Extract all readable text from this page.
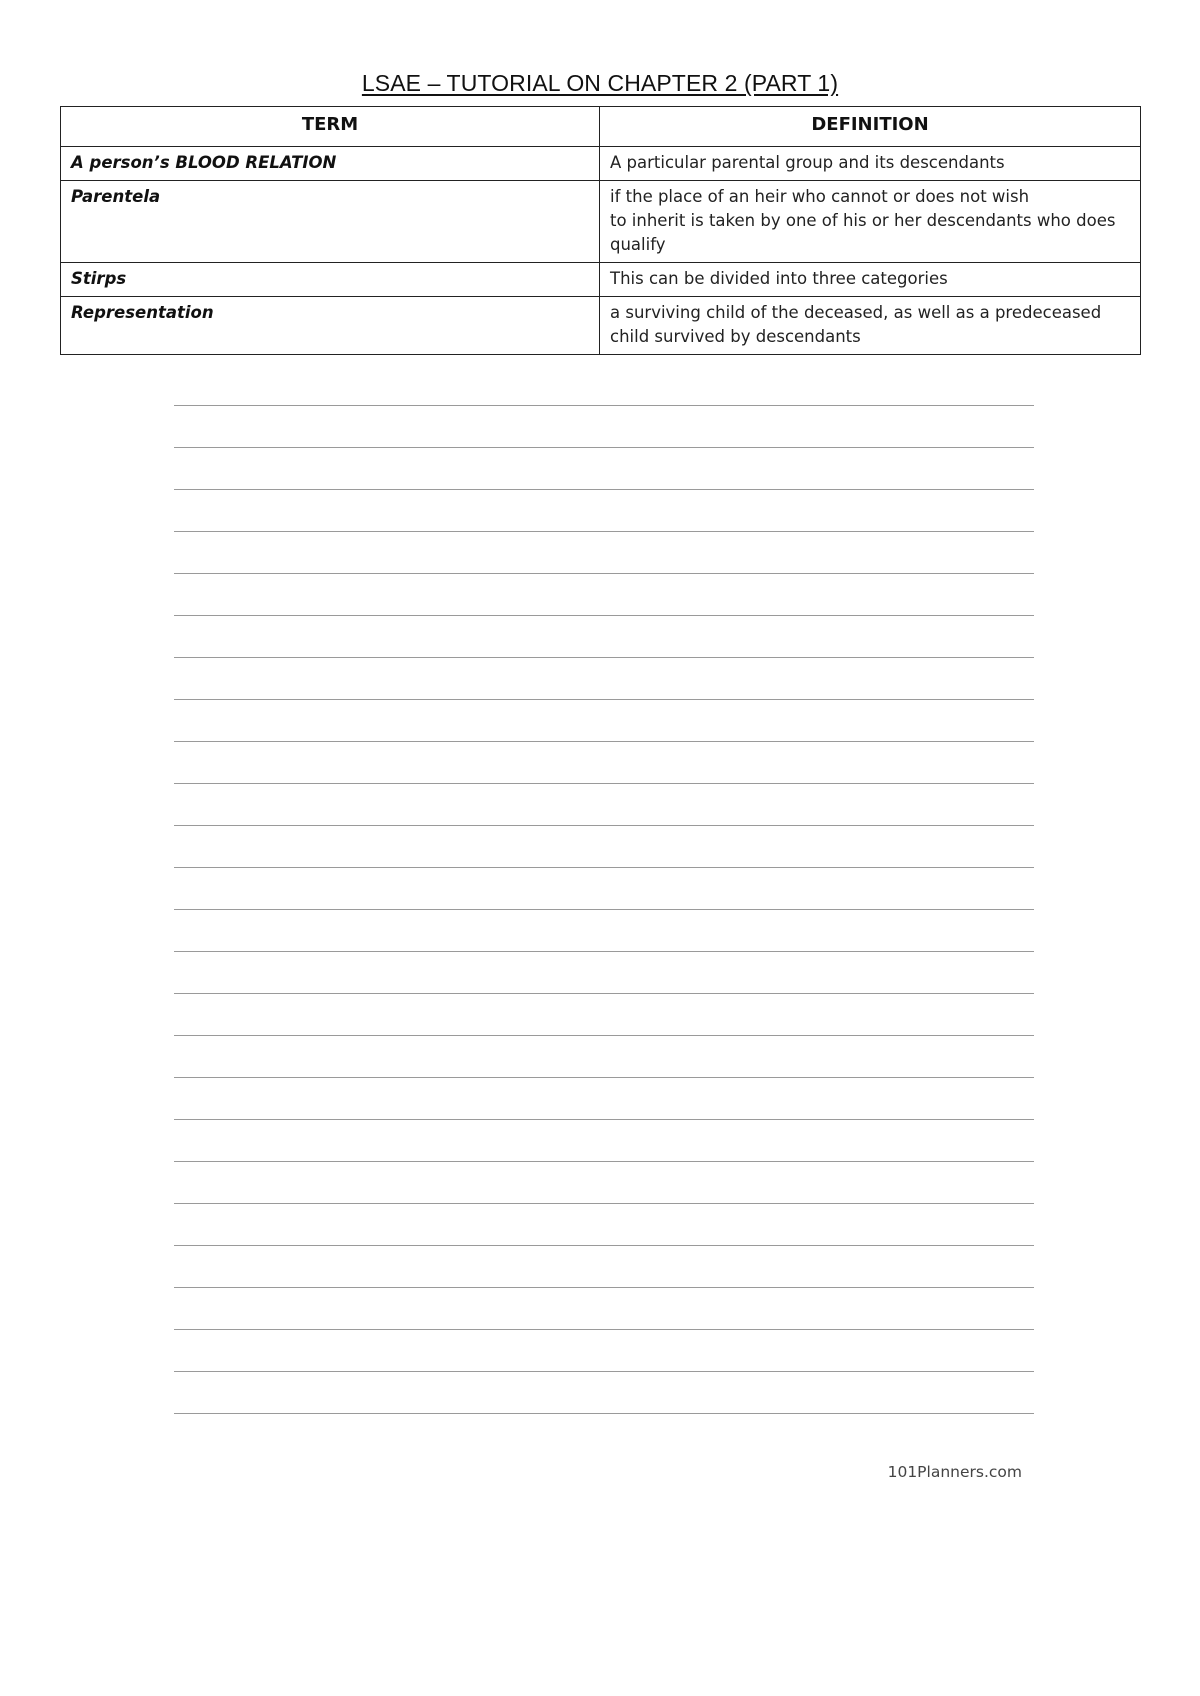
LSAE – TUTORIAL ON CHAPTER 2 (PART 1)
TERM	DEFINITION
A person’s BLOOD RELATION	A particular parental group and its descendants
Parentela	if the place of an heir who cannot or does not wish
to inherit is taken by one of his or her descendants who does qualify
Stirps	This can be divided into three categories
Representation	a surviving child of the deceased, as well as a predeceased child survived by descendants
101Planners.com
